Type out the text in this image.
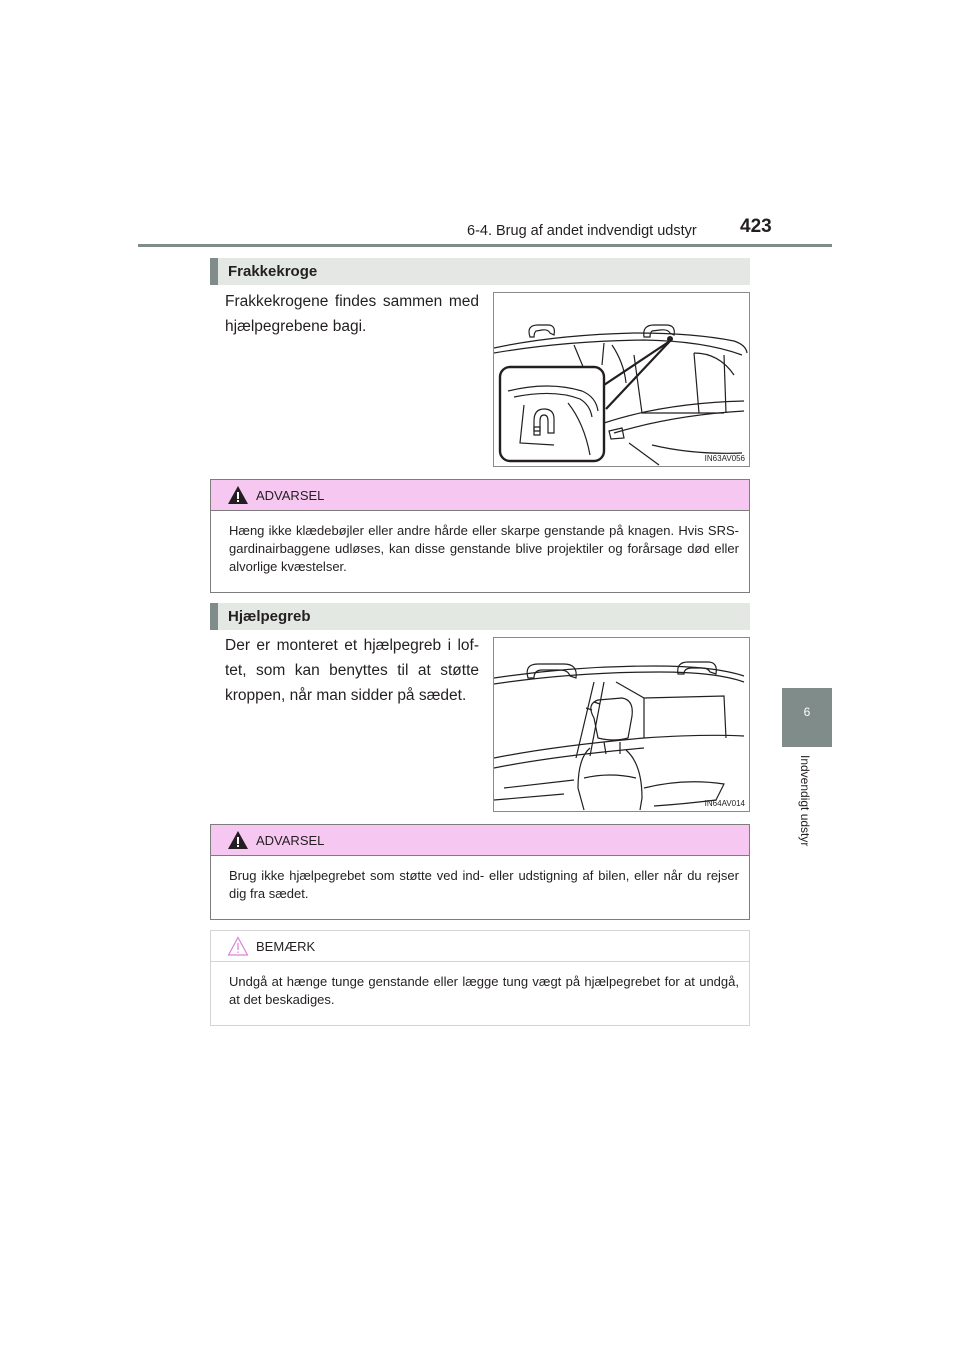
6-4. Brug af andet indvendigt udstyr 423
6
Indvendigt udstyr
Frakkekroge
Frakkekrogene findes sammen med hjælpegrebene bagi.
IN63AV056
ADVARSEL
Hæng ikke klædebøjler eller andre hårde eller skarpe genstande på knagen. Hvis SRS-gardinairbaggene udløses, kan disse genstande blive projektiler og forårsage død eller alvorlige kvæstelser.
Hjælpegreb
Der er monteret et hjælpegreb i lof-tet, som kan benyttes til at støtte kroppen, når man sidder på sædet.
IN64AV014
ADVARSEL
Brug ikke hjælpegrebet som støtte ved ind- eller udstigning af bilen, eller når du rejser dig fra sædet.
BEMÆRK
Undgå at hænge tunge genstande eller lægge tung vægt på hjælpegrebet for at undgå, at det beskadiges.
